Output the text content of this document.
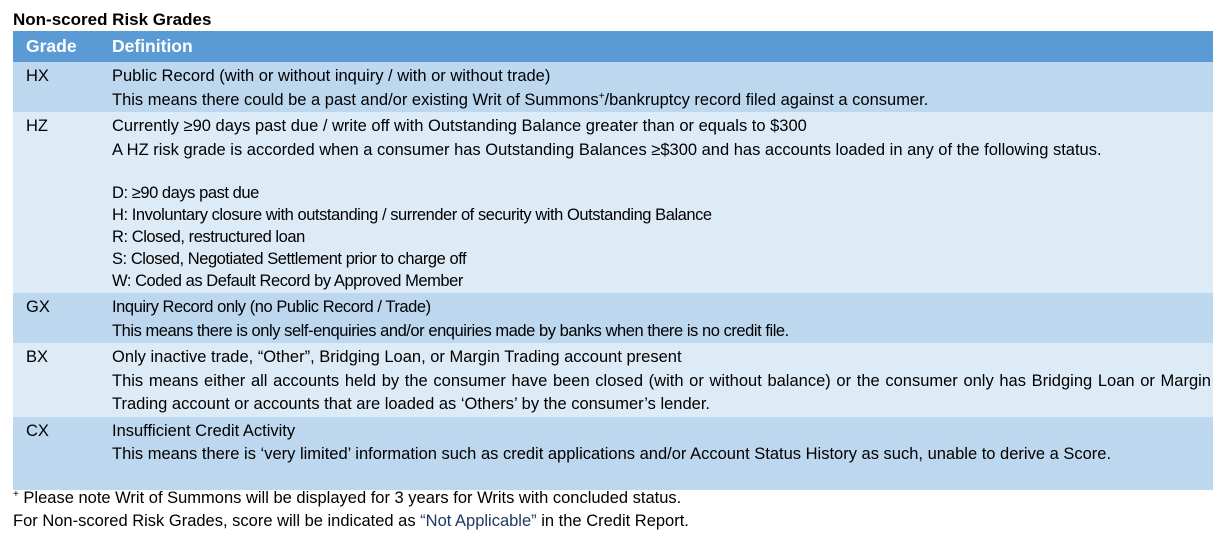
Non-scored Risk Grades
Grade	Definition
HX	Public Record (with or without inquiry / with or without trade)
This means there could be a past and/or existing Writ of Summons+/bankruptcy record filed against a consumer.

HZ	Currently ≥90 days past due / write off with Outstanding Balance greater than or equals to $300
A HZ risk grade is accorded when a consumer has Outstanding Balances ≥$300 and has accounts loaded in any of the following status.
D: ≥90 days past due
H: Involuntary closure with outstanding / surrender of security with Outstanding Balance
R: Closed, restructured loan
S: Closed, Negotiated Settlement prior to charge off
W: Coded as Default Record by Approved Member

GX	Inquiry Record only (no Public Record / Trade)
This means there is only self-enquiries and/or enquiries made by banks when there is no credit file.

BX	Only inactive trade, “Other”, Bridging Loan, or Margin Trading account present
This means either all accounts held by the consumer have been closed (with or without balance) or the consumer only has Bridging Loan or Margin Trading account or accounts that are loaded as ‘Others’ by the consumer’s lender.

CX	Insufficient Credit Activity
This means there is ‘very limited’ information such as credit applications and/or Account Status History as such, unable to derive a Score.
+ Please note Writ of Summons will be displayed for 3 years for Writs with concluded status.
For Non-scored Risk Grades, score will be indicated as “Not Applicable” in the Credit Report.
